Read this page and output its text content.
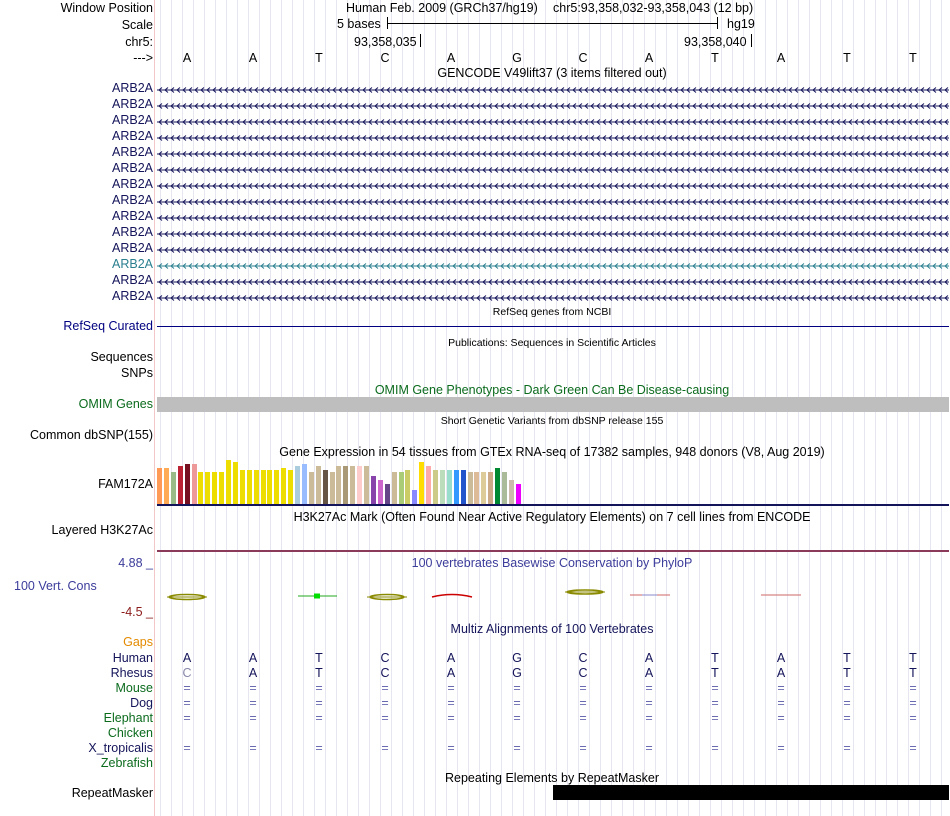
Window Position
Scale
chr5:
--->
Human Feb. 2009 (GRCh37/hg19) chr5:93,358,032-93,358,043 (12 bp)
5 bases	hg19
93,358,035	93,358,040
A	A	T	C	A	G	C	A	T	A	T	T
GENCODE V49lift37 (3 items filtered out)
ARB2A
ARB2A
ARB2A
ARB2A
ARB2A
ARB2A
ARB2A
ARB2A
ARB2A
ARB2A
ARB2A
ARB2A
ARB2A
ARB2A
RefSeq genes from NCBI
RefSeq Curated
Publications: Sequences in Scientific Articles
Sequences
SNPs
OMIM Gene Phenotypes - Dark Green Can Be Disease-causing
OMIM Genes
Short Genetic Variants from dbSNP release 155
Common dbSNP(155)
Gene Expression in 54 tissues from GTEx RNA-seq of 17382 samples, 948 donors (V8, Aug 2019)
FAM172A
H3K27Ac Mark (Often Found Near Active Regulatory Elements) on 7 cell lines from ENCODE
Layered H3K27Ac
100 vertebrates Basewise Conservation by PhyloP
4.88 _
100 Vert. Cons
-4.5 _
Gaps
Multiz Alignments of 100 Vertebrates
Human A	A	T	C	A	G	C	A	T	A	T	T
Rhesus C	A	T	C	A	G	C	A	T	A	T	T
Mouse =	=	=	=	=	=	=	=	=	=	=	=
Dog =	=	=	=	=	=	=	=	=	=	=	=
Elephant =	=	=	=	=	=	=	=	=	=	=	=
Chicken
X_tropicalis =	=	=	=	=	=	=	=	=	=	=	=
Zebrafish
Repeating Elements by RepeatMasker
RepeatMasker
